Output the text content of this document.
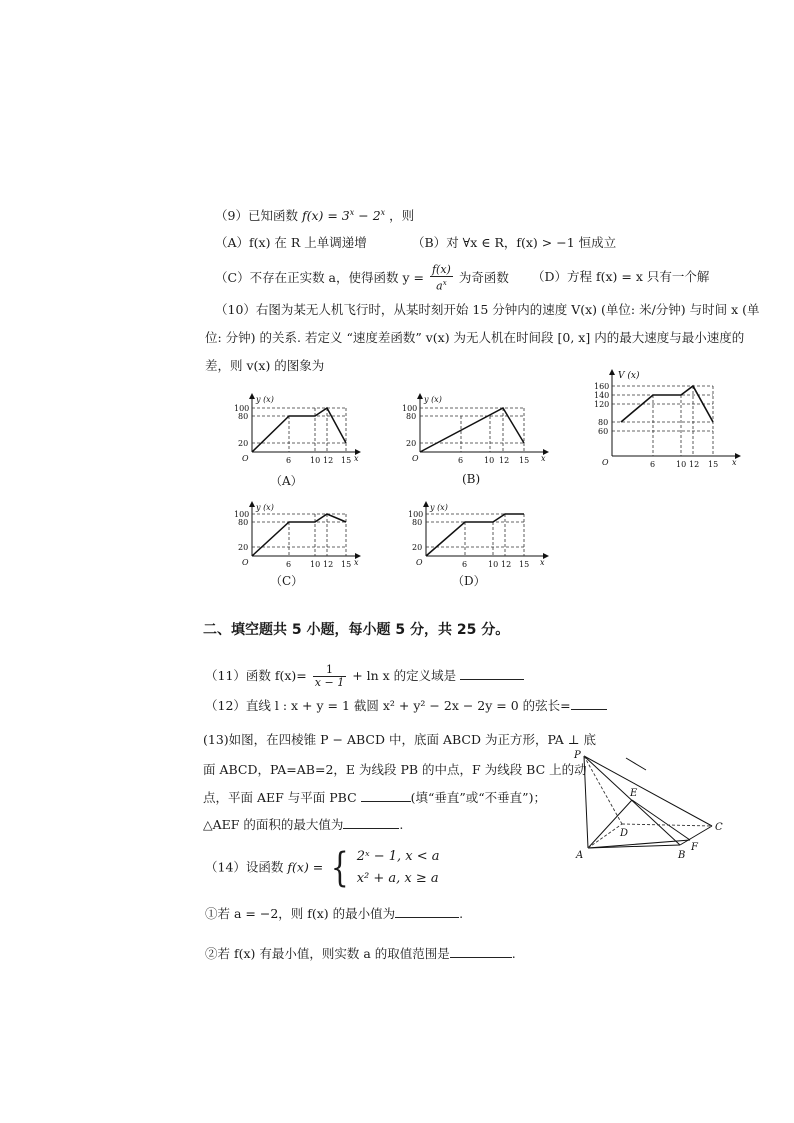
（9）已知函数 $f(x) = 3^x - 2^x$ ，则
（A）f(x) 在 R 上单调递增	（B）对 ∀x ∈ R，f(x) > −1 恒成立
（C）不存在正实数 a，使得函数 $y = \frac{f(x)}{a^x}$ 为奇函数 （D）方程 f(x) = x 只有一个解
（10）右图为某无人机飞行时，从某时刻开始 15 分钟内的速度 V(x) (单位: 米/分钟) 与时间 x (单
位: 分钟) 的关系. 若定义 “速度差函数” v(x) 为无人机在时间段 [0, x] 内的最大速度与最小速度的
差，则 v(x) 的图象为
V (x)
160
140
120
80
60
O	6	10 12 15 x
y (x)
100
80
20
O	6 10 12 15 x
（A）
y (x)
100
80
20
O	6	10 12 15 x
(B)
y (x)
100
80
20
O	6 10 12 15 x
（C）
y (x)
100
80
20
O	6	10 12 15 x
（D）
二、填空题共 5 小题，每小题 5 分，共 25 分。
（11）函数 $f(x)= \frac{1}{x - 1} + \ln x$ 的定义域是
（12）直线 l : x + y = 1 截圆 x² + y² − 2x − 2y = 0 的弦长=
(13)如图，在四棱锥 P − ABCD 中，底面 ABCD 为正方形，PA ⊥ 底
面 ABCD，PA=AB=2，E 为线段 PB 的中点，F 为线段 BC 上的动
点，平面 AEF 与平面 PBC	(填“垂直”或“不垂直”)；
△AEF 的面积的最大值为	.
P
E
D
C
A	B
F
（14）设函数 f(x) = { 2ˣ − 1, x < a
x² + a, x ≥ a
①若 a = −2，则 f(x) 的最小值为	.
②若 f(x) 有最小值，则实数 a 的取值范围是	.
